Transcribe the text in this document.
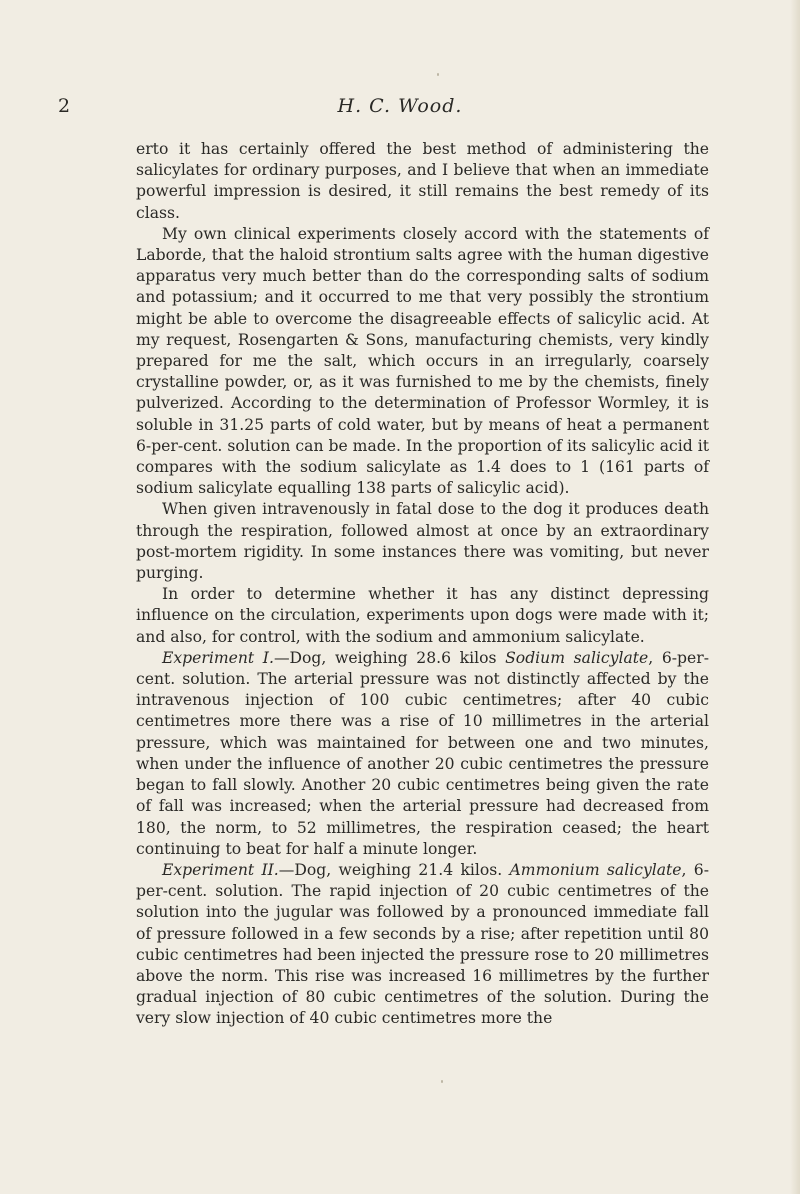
2	H. C. Wood.

erto it has certainly offered the best method of administering the salicylates for ordinary purposes, and I believe that when an immediate powerful impression is desired, it still remains the best remedy of its class.

My own clinical experiments closely accord with the statements of Laborde, that the haloid strontium salts agree with the human digestive apparatus very much better than do the corresponding salts of sodium and potassium; and it occurred to me that very possibly the strontium might be able to overcome the disagreeable effects of salicylic acid. At my request, Rosengarten & Sons, manufacturing chemists, very kindly prepared for me the salt, which occurs in an irregularly, coarsely crystalline powder, or, as it was furnished to me by the chemists, finely pulverized. According to the determination of Professor Wormley, it is soluble in 31.25 parts of cold water, but by means of heat a permanent 6-per-cent. solution can be made. In the proportion of its salicylic acid it compares with the sodium salicylate as 1.4 does to 1 (161 parts of sodium salicylate equalling 138 parts of salicylic acid).

When given intravenously in fatal dose to the dog it produces death through the respiration, followed almost at once by an extraordinary post-mortem rigidity. In some instances there was vomiting, but never purging.

In order to determine whether it has any distinct depressing influence on the circulation, experiments upon dogs were made with it; and also, for control, with the sodium and ammonium salicylate.

Experiment I.—Dog, weighing 28.6 kilos Sodium salicylate, 6-per-cent. solution. The arterial pressure was not distinctly affected by the intravenous injection of 100 cubic centimetres; after 40 cubic centimetres more there was a rise of 10 millimetres in the arterial pressure, which was maintained for between one and two minutes, when under the influence of another 20 cubic centimetres the pressure began to fall slowly. Another 20 cubic centimetres being given the rate of fall was increased; when the arterial pressure had decreased from 180, the norm, to 52 millimetres, the respiration ceased; the heart continuing to beat for half a minute longer.

Experiment II.—Dog, weighing 21.4 kilos. Ammonium salicylate, 6-per-cent. solution. The rapid injection of 20 cubic centimetres of the solution into the jugular was followed by a pronounced immediate fall of pressure followed in a few seconds by a rise; after repetition until 80 cubic centimetres had been injected the pressure rose to 20 millimetres above the norm. This rise was increased 16 millimetres by the further gradual injection of 80 cubic centimetres of the solution. During the very slow injection of 40 cubic centimetres more the
